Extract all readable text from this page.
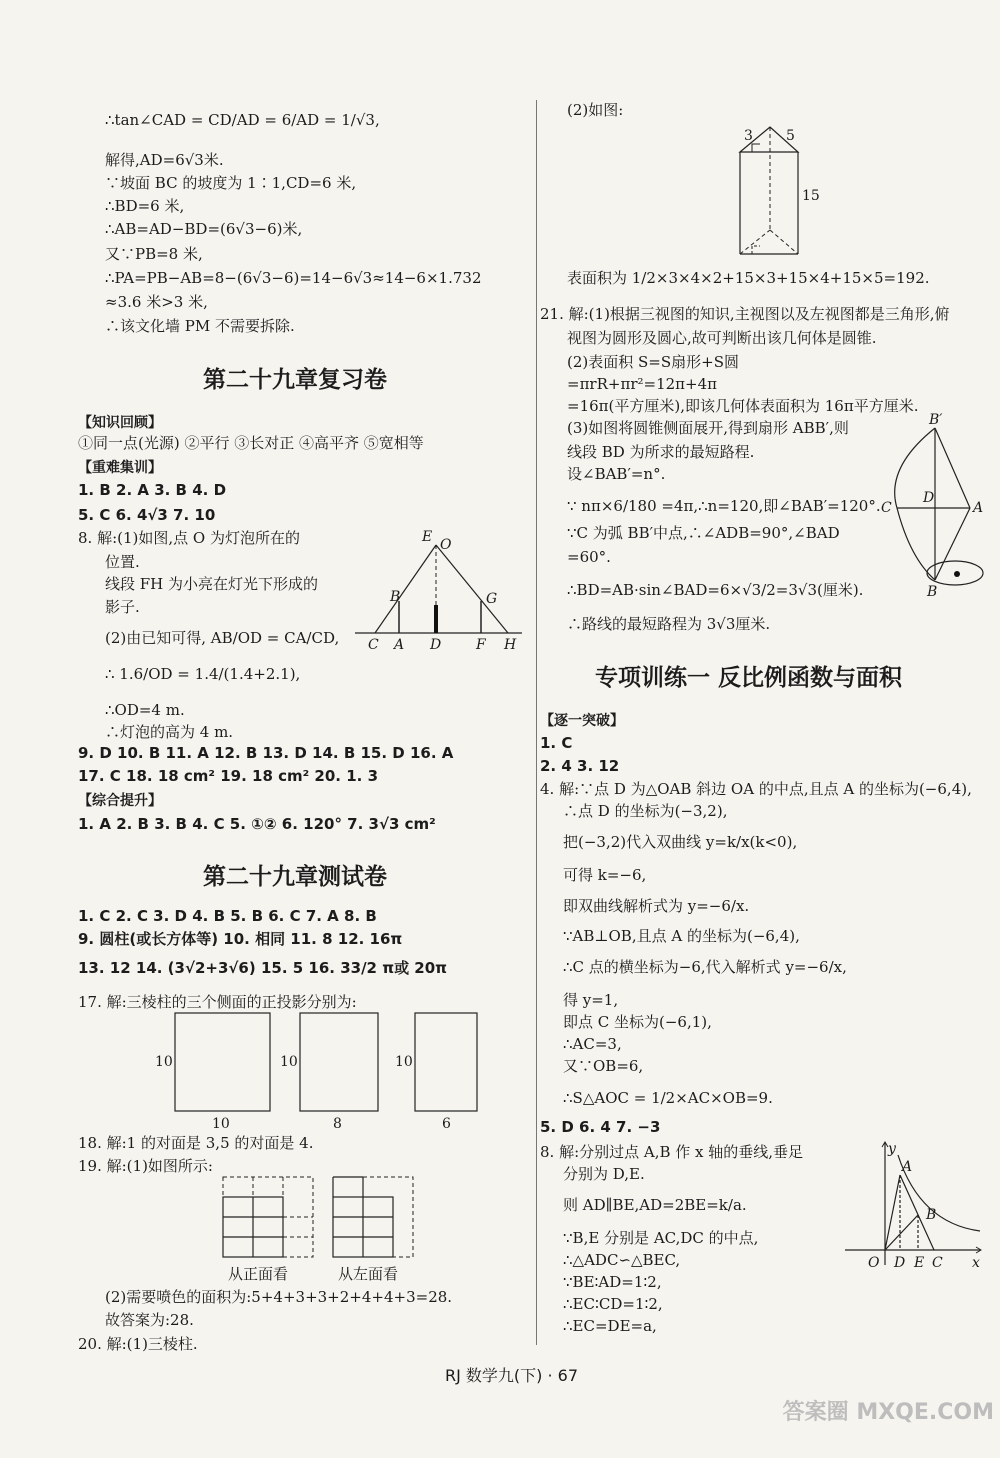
∴tan∠CAD = CD/AD = 6/AD = 1/√3,
解得,AD=6√3米.
∵坡面 BC 的坡度为 1∶1,CD=6 米,
∴BD=6 米,
∴AB=AD−BD=(6√3−6)米,
又∵PB=8 米,
∴PA=PB−AB=8−(6√3−6)=14−6√3≈14−6×1.732
≈3.6 米>3 米,
∴该文化墙 PM 不需要拆除.
第二十九章复习卷
【知识回顾】
①同一点(光源) ②平行 ③长对正 ④高平齐 ⑤宽相等
【重难集训】
1. B 2. A 3. B 4. D
5. C 6. 4√3 7. 10
8. 解:(1)如图,点 O 为灯泡所在的
位置.
线段 FH 为小亮在灯光下形成的
影子.
(2)由已知可得, AB/OD = CA/CD,
∴ 1.6/OD = 1.4/(1.4+2.1),
∴OD=4 m.
∴灯泡的高为 4 m.
9. D 10. B 11. A 12. B 13. D 14. B 15. D 16. A
17. C 18. 18 cm² 19. 18 cm² 20. 1. 3
【综合提升】
1. A 2. B 3. B 4. C 5. ①② 6. 120° 7. 3√3 cm²
第二十九章测试卷
1. C 2. C 3. D 4. B 5. B 6. C 7. A 8. B
9. 圆柱(或长方体等) 10. 相同 11. 8 12. 16π
13. 12 14. (3√2+3√6) 15. 5 16. 33/2 π或 20π
17. 解:三棱柱的三个侧面的正投影分别为:
18. 解:1 的对面是 3,5 的对面是 4.
19. 解:(1)如图所示:
从正面看	从左面看
(2)需要喷色的面积为:5+4+3+3+2+4+4+3=28.
故答案为:28.
20. 解:(1)三棱柱.
E O
B	G
C A D F H
10	10	10
10	8	6
(2)如图:
3 5
15
表面积为 1/2×3×4×2+15×3+15×4+15×5=192.
21. 解:(1)根据三视图的知识,主视图以及左视图都是三角形,俯
视图为圆形及圆心,故可判断出该几何体是圆锥.
(2)表面积 S=S扇形+S圆
=πrR+πr²=12π+4π
=16π(平方厘米),即该几何体表面积为 16π平方厘米.
(3)如图将圆锥侧面展开,得到扇形 ABB′,则
线段 BD 为所求的最短路程.
设∠BAB′=n°.
∵ nπ×6/180 =4π,∴n=120,即∠BAB′=120°.
∵C 为弧 BB′中点,∴∠ADB=90°,∠BAD
=60°.
∴BD=AB·sin∠BAD=6×√3/2=3√3(厘米).
∴路线的最短路程为 3√3厘米.
B′
C
D
A
B
专项训练一 反比例函数与面积
【逐一突破】
1. C
2. 4 3. 12
4. 解:∵点 D 为△OAB 斜边 OA 的中点,且点 A 的坐标为(−6,4),
∴点 D 的坐标为(−3,2),
把(−3,2)代入双曲线 y=k/x(k<0),
可得 k=−6,
即双曲线解析式为 y=−6/x.
∵AB⊥OB,且点 A 的坐标为(−6,4),
∴C 点的横坐标为−6,代入解析式 y=−6/x,
得 y=1,
即点 C 坐标为(−6,1),
∴AC=3,
又∵OB=6,
∴S△AOC = 1/2×AC×OB=9.
5. D 6. 4 7. −3
8. 解:分别过点 A,B 作 x 轴的垂线,垂足
分别为 D,E.
则 AD∥BE,AD=2BE=k/a.
∵B,E 分别是 AC,DC 的中点,
∴△ADC∽△BEC,
∵BE∶AD=1∶2,
∴EC∶CD=1∶2,
∴EC=DE=a,
y
A
B
O D E C x
RJ 数学九(下) · 67
答案圈 MXQE.COM
